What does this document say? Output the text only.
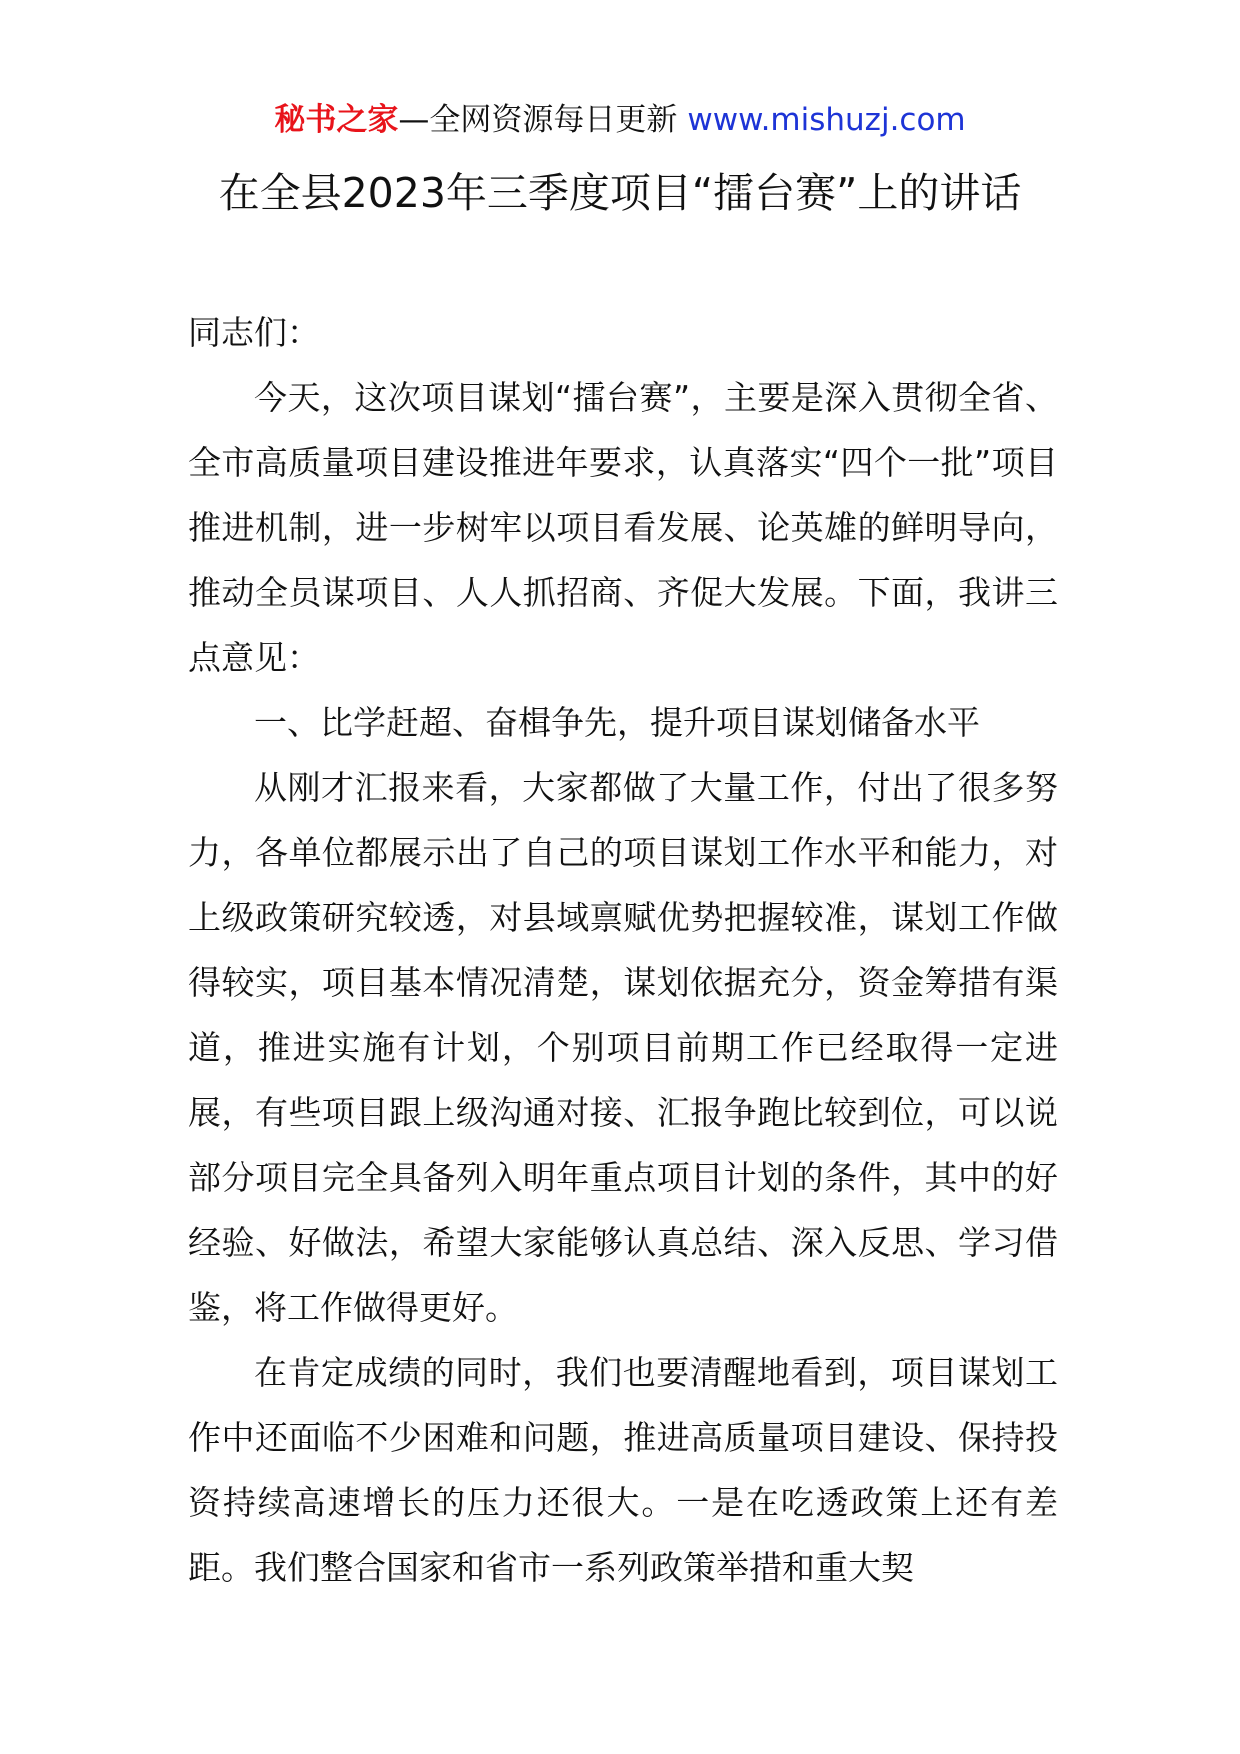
秘书之家—全网资源每日更新 www.mishuzj.com
在全县2023年三季度项目“擂台赛”上的讲话

同志们：

今天，这次项目谋划“擂台赛”，主要是深入贯彻全省、全市高质量项目建设推进年要求，认真落实“四个一批”项目推进机制，进一步树牢以项目看发展、论英雄的鲜明导向，推动全员谋项目、人人抓招商、齐促大发展。下面，我讲三点意见：

一、比学赶超、奋楫争先，提升项目谋划储备水平

从刚才汇报来看，大家都做了大量工作，付出了很多努力，各单位都展示出了自己的项目谋划工作水平和能力，对上级政策研究较透，对县域禀赋优势把握较准，谋划工作做得较实，项目基本情况清楚，谋划依据充分，资金筹措有渠道，推进实施有计划，个别项目前期工作已经取得一定进展，有些项目跟上级沟通对接、汇报争跑比较到位，可以说部分项目完全具备列入明年重点项目计划的条件，其中的好经验、好做法，希望大家能够认真总结、深入反思、学习借鉴，将工作做得更好。

在肯定成绩的同时，我们也要清醒地看到，项目谋划工作中还面临不少困难和问题，推进高质量项目建设、保持投资持续高速增长的压力还很大。一是在吃透政策上还有差距。我们整合国家和省市一系列政策举措和重大契
